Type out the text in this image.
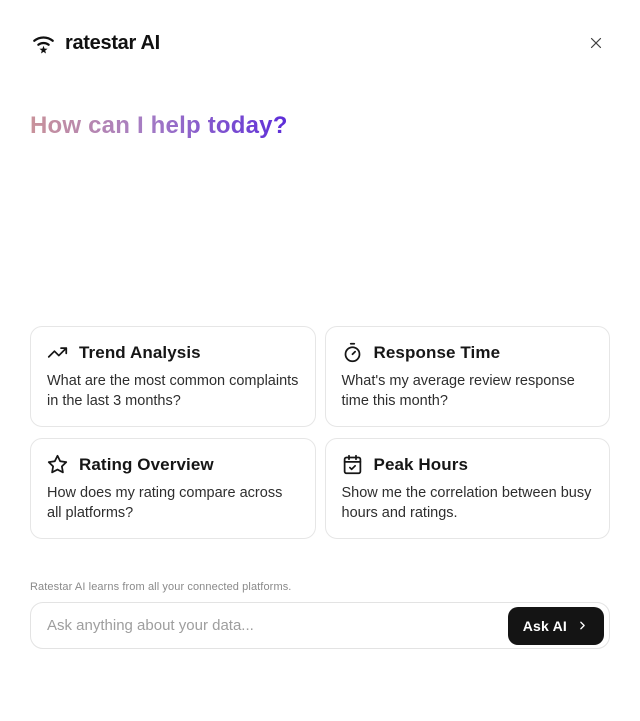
ratestar AI
How can I help today?
Trend Analysis
What are the most common complaints in the last 3 months?
Response Time
What's my average review response time this month?
Rating Overview
How does my rating compare across all platforms?
Peak Hours
Show me the correlation between busy hours and ratings.
Ratestar AI learns from all your connected platforms.
Ask anything about your data...
Ask AI
